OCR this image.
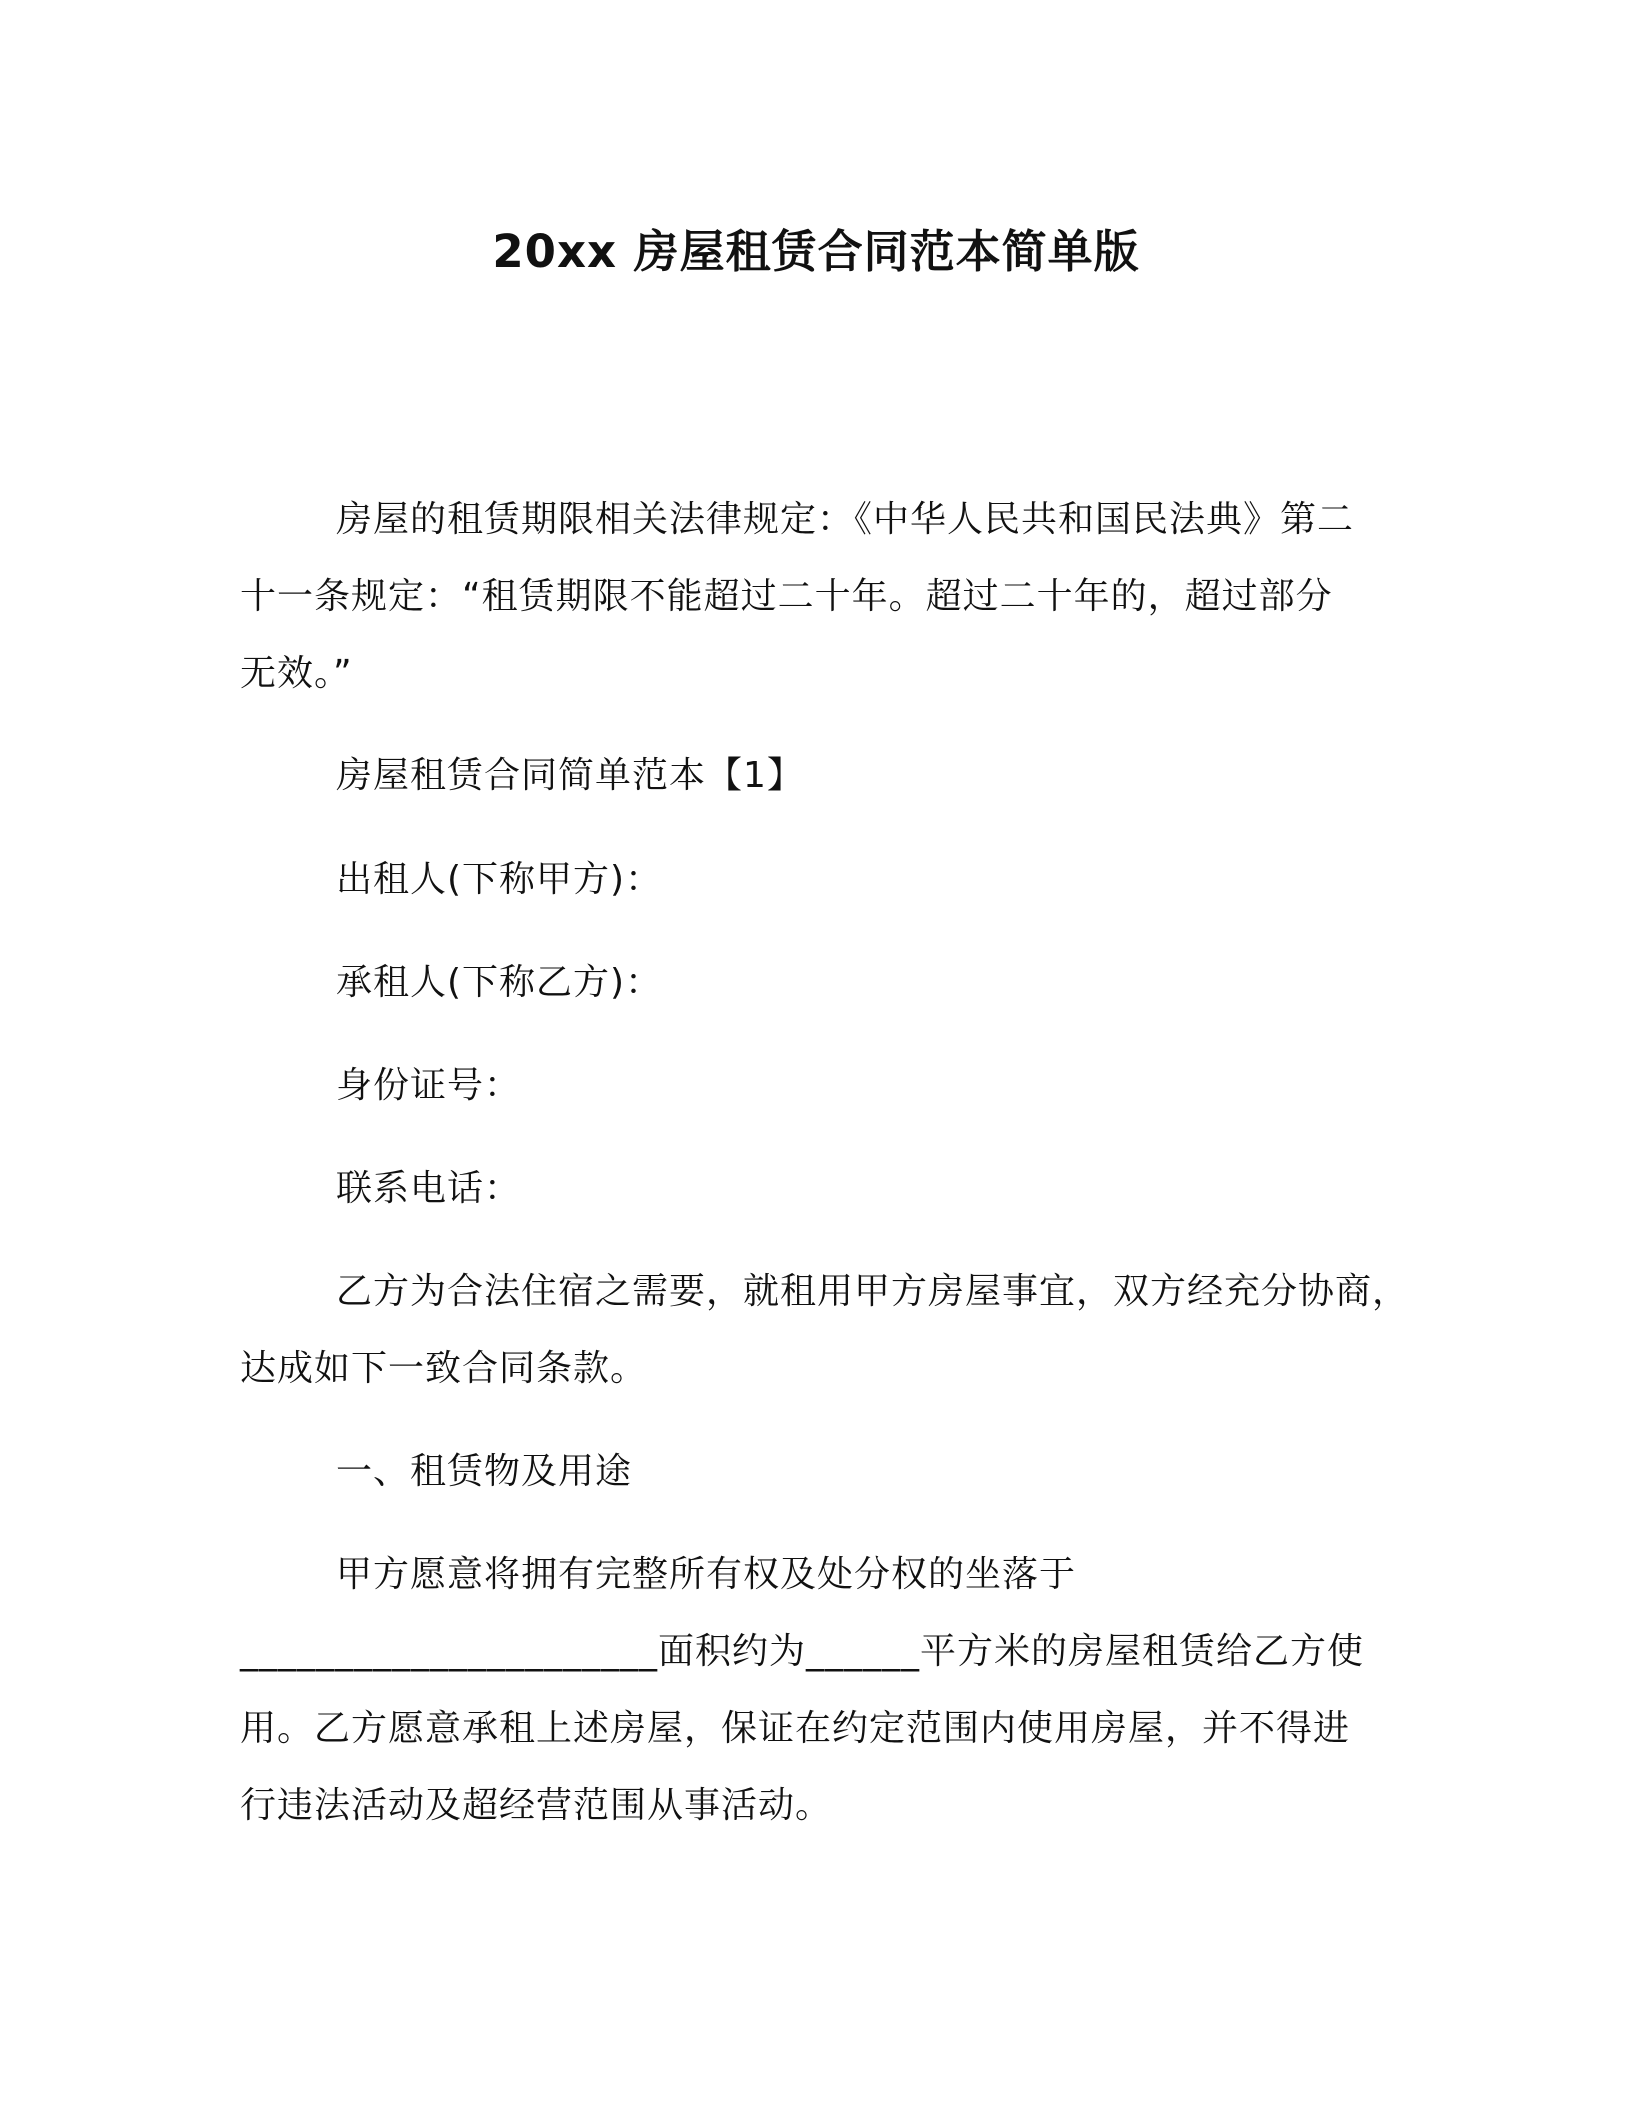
20xx 房屋租赁合同范本简单版
房屋的租赁期限相关法律规定：《中华人民共和国民法典》第二
十一条规定：“租赁期限不能超过二十年。超过二十年的，超过部分
无效。”
房屋租赁合同简单范本【1】
出租人(下称甲方)：
承租人(下称乙方)：
身份证号：
联系电话：
乙方为合法住宿之需要，就租用甲方房屋事宜，双方经充分协商，
达成如下一致合同条款。
一、租赁物及用途
甲方愿意将拥有完整所有权及处分权的坐落于
______________________面积约为______平方米的房屋租赁给乙方使
用。乙方愿意承租上述房屋，保证在约定范围内使用房屋，并不得进
行违法活动及超经营范围从事活动。
